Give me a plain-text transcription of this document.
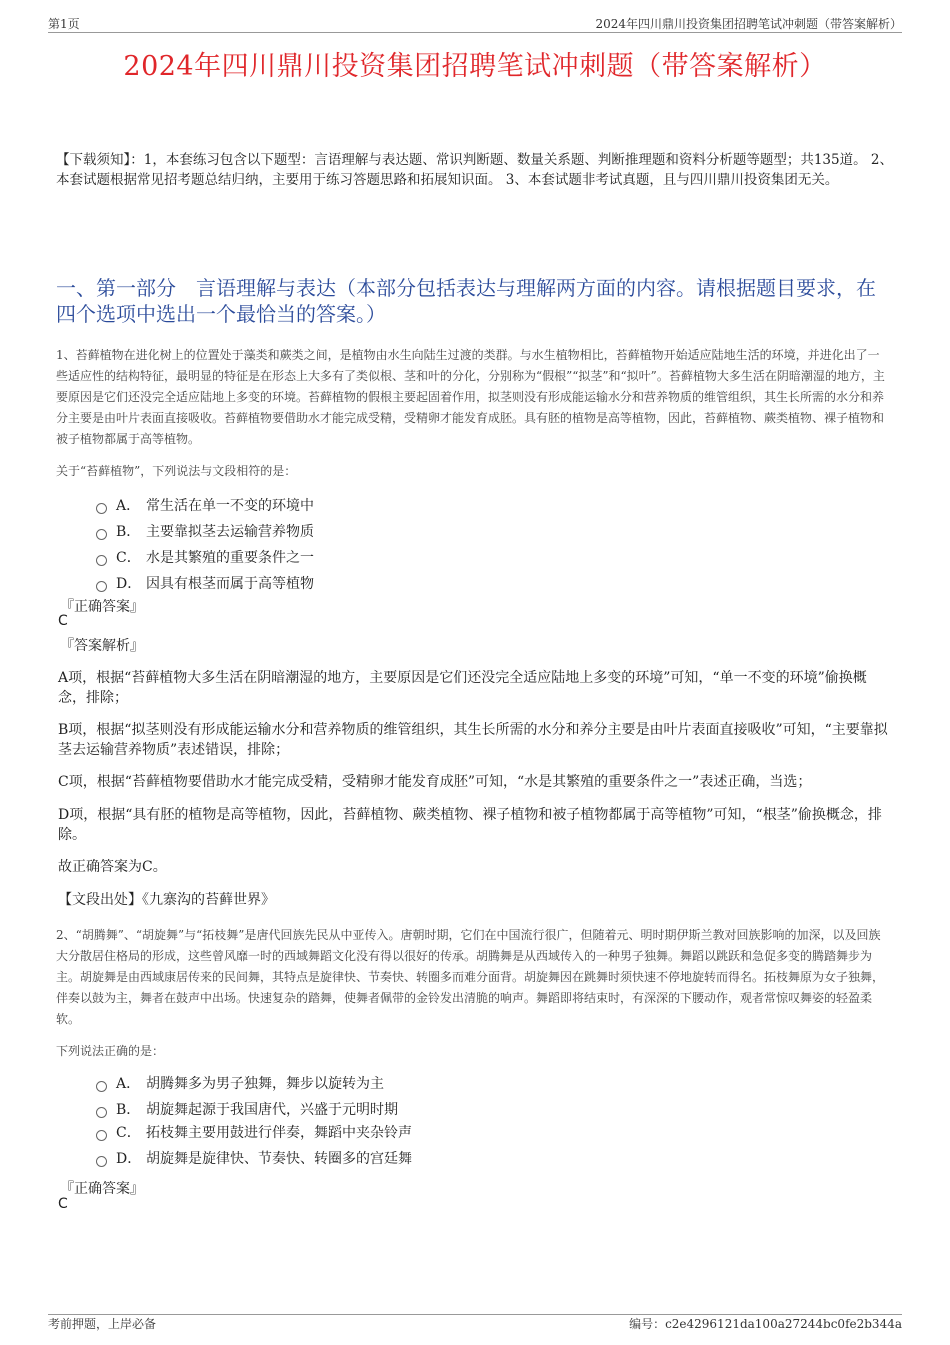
第1页	2024年四川鼎川投资集团招聘笔试冲刺题（带答案解析）
2024年四川鼎川投资集团招聘笔试冲刺题（带答案解析）
【下载须知】：1，本套练习包含以下题型：言语理解与表达题、常识判断题、数量关系题、判断推理题和资料分析题等题型；共135道。 2、本套试题根据常见招考题总结归纳，主要用于练习答题思路和拓展知识面。 3、本套试题非考试真题，且与四川鼎川投资集团无关。
一、第一部分　言语理解与表达（本部分包括表达与理解两方面的内容。请根据题目要求，在四个选项中选出一个最恰当的答案。）
1、苔藓植物在进化树上的位置处于藻类和蕨类之间，是植物由水生向陆生过渡的类群。与水生植物相比，苔藓植物开始适应陆地生活的环境，并进化出了一些适应性的结构特征，最明显的特征是在形态上大多有了类似根、茎和叶的分化，分别称为“假根”“拟茎”和“拟叶”。苔藓植物大多生活在阴暗潮湿的地方，主要原因是它们还没完全适应陆地上多变的环境。苔藓植物的假根主要起固着作用，拟茎则没有形成能运输水分和营养物质的维管组织，其生长所需的水分和养分主要是由叶片表面直接吸收。苔藓植物要借助水才能完成受精，受精卵才能发育成胚。具有胚的植物是高等植物，因此，苔藓植物、蕨类植物、裸子植物和被子植物都属于高等植物。
关于“苔藓植物”，下列说法与文段相符的是：
A． 常生活在单一不变的环境中
B． 主要靠拟茎去运输营养物质
C． 水是其繁殖的重要条件之一
D． 因具有根茎而属于高等植物
『正确答案』
C
『答案解析』
A项，根据“苔藓植物大多生活在阴暗潮湿的地方，主要原因是它们还没完全适应陆地上多变的环境”可知，“单一不变的环境”偷换概念，排除；
B项，根据“拟茎则没有形成能运输水分和营养物质的维管组织，其生长所需的水分和养分主要是由叶片表面直接吸收”可知，“主要靠拟茎去运输营养物质”表述错误，排除；
C项，根据“苔藓植物要借助水才能完成受精，受精卵才能发育成胚”可知，“水是其繁殖的重要条件之一”表述正确，当选；
D项，根据“具有胚的植物是高等植物，因此，苔藓植物、蕨类植物、裸子植物和被子植物都属于高等植物”可知，“根茎”偷换概念，排除。
故正确答案为C。
【文段出处】《九寨沟的苔藓世界》
2、“胡腾舞”、“胡旋舞”与“拓枝舞”是唐代回族先民从中亚传入。唐朝时期，它们在中国流行很广，但随着元、明时期伊斯兰教对回族影响的加深，以及回族大分散居住格局的形成，这些曾风靡一时的西域舞蹈文化没有得以很好的传承。胡腾舞是从西域传入的一种男子独舞。舞蹈以跳跃和急促多变的腾踏舞步为主。胡旋舞是由西域康居传来的民间舞，其特点是旋律快、节奏快、转圈多而难分面背。胡旋舞因在跳舞时须快速不停地旋转而得名。拓枝舞原为女子独舞，伴奏以鼓为主，舞者在鼓声中出场。快速复杂的踏舞，使舞者佩带的金铃发出清脆的响声。舞蹈即将结束时，有深深的下腰动作，观者常惊叹舞姿的轻盈柔软。
下列说法正确的是：
A． 胡腾舞多为男子独舞，舞步以旋转为主
B． 胡旋舞起源于我国唐代，兴盛于元明时期
C． 拓枝舞主要用鼓进行伴奏，舞蹈中夹杂铃声
D． 胡旋舞是旋律快、节奏快、转圈多的宫廷舞
『正确答案』
C
考前押题，上岸必备	编号：c2e4296121da100a27244bc0fe2b344a
